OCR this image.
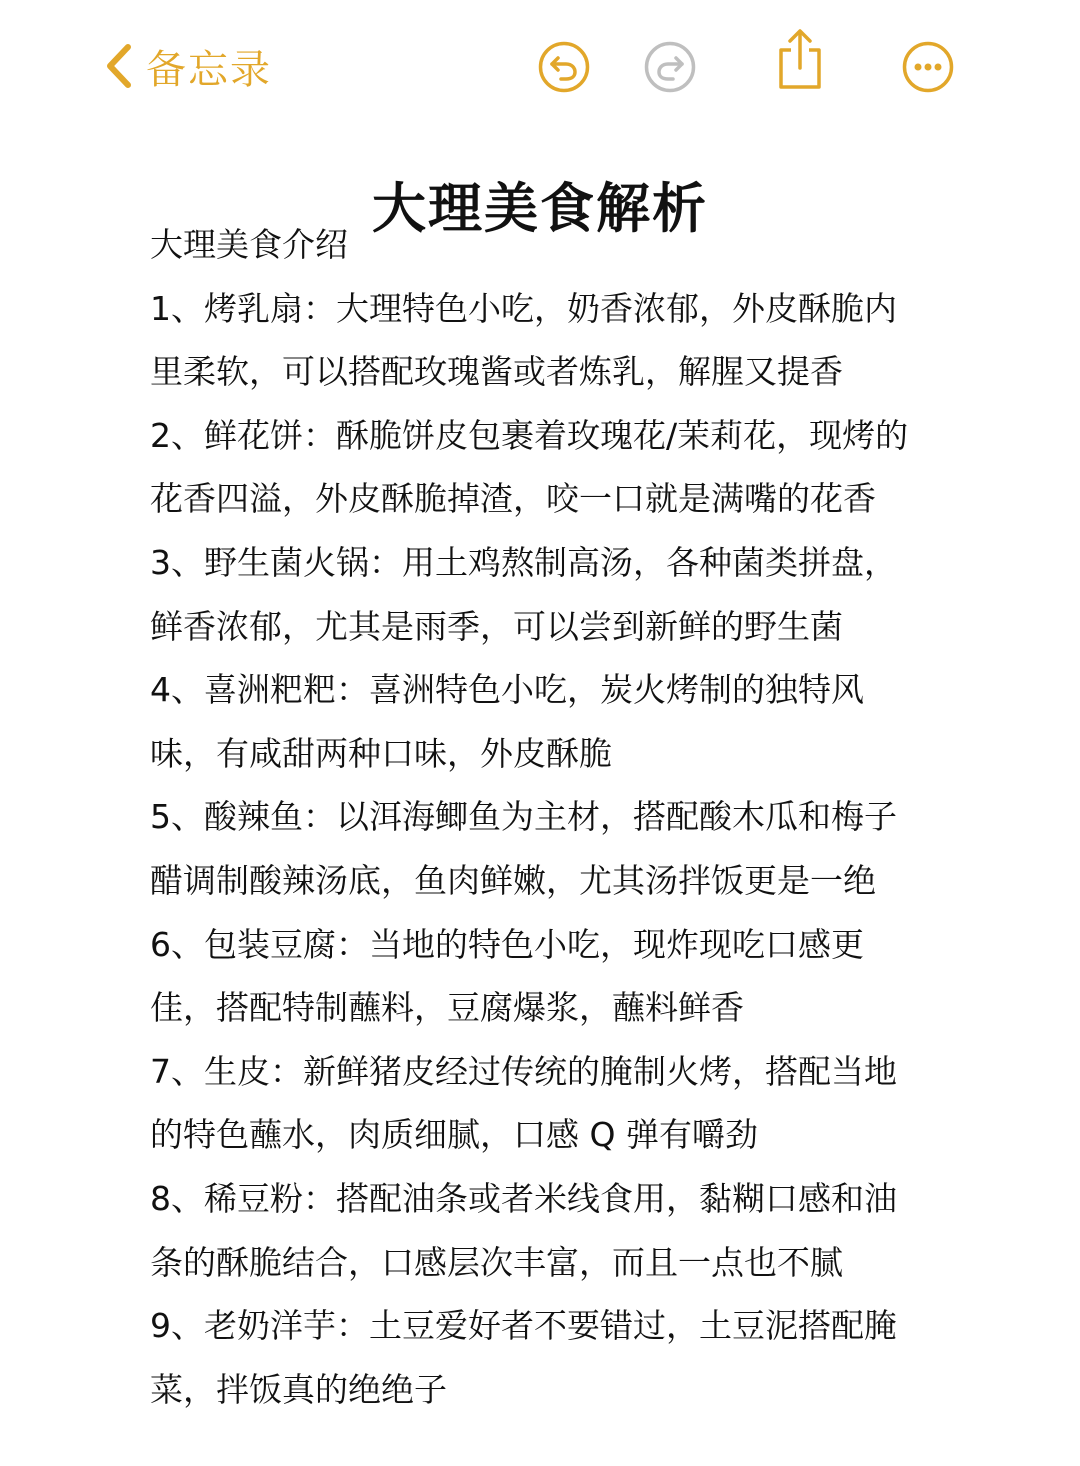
备忘录
大理美食解析

大理美食介绍

1、烤乳扇：大理特色小吃，奶香浓郁，外皮酥脆内里柔软，可以搭配玫瑰酱或者炼乳，解腥又提香

2、鲜花饼：酥脆饼皮包裹着玫瑰花/茉莉花，现烤的花香四溢，外皮酥脆掉渣，咬一口就是满嘴的花香

3、野生菌火锅：用土鸡熬制高汤，各种菌类拼盘，鲜香浓郁，尤其是雨季，可以尝到新鲜的野生菌

4、喜洲粑粑：喜洲特色小吃，炭火烤制的独特风味，有咸甜两种口味，外皮酥脆

5、酸辣鱼：以洱海鲫鱼为主材，搭配酸木瓜和梅子醋调制酸辣汤底，鱼肉鲜嫩，尤其汤拌饭更是一绝

6、包装豆腐：当地的特色小吃，现炸现吃口感更佳，搭配特制蘸料，豆腐爆浆，蘸料鲜香

7、生皮：新鲜猪皮经过传统的腌制火烤，搭配当地的特色蘸水，肉质细腻，口感 Q 弹有嚼劲

8、稀豆粉：搭配油条或者米线食用，黏糊口感和油条的酥脆结合，口感层次丰富，而且一点也不腻

9、老奶洋芋：土豆爱好者不要错过，土豆泥搭配腌菜，拌饭真的绝绝子
